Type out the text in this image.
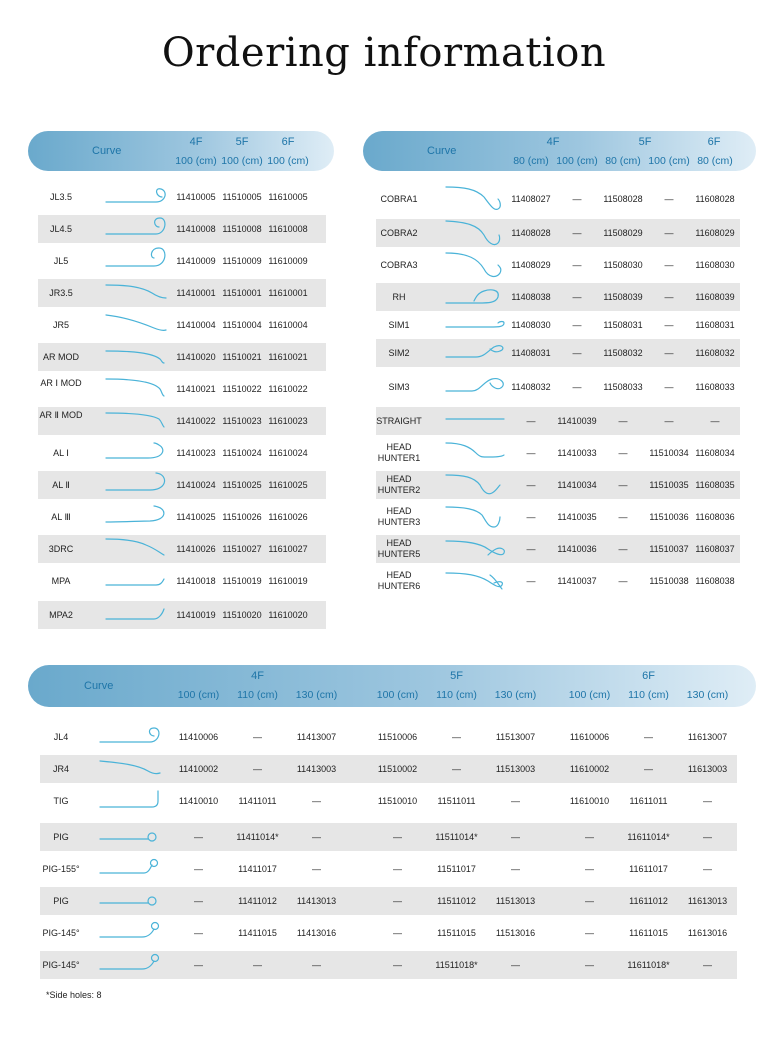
Ordering information
Curve
4F	5F	6F
100 (cm) 100 (cm) 100 (cm)
JL3.5	11410005 11510005 11610005
JL4.5	11410008 11510008 11610008
JL5	11410009 11510009 11610009
JR3.5	11410001 11510001 11610001
JR5	11410004 11510004 11610004
AR MOD	11410020 11510021 11610021
AR Ⅰ MOD
11410021 11510022 11610022
AR Ⅱ MOD
11410022 11510023 11610023
AL Ⅰ	11410023 11510024 11610024
AL Ⅱ	11410024 11510025 11610025
AL Ⅲ	11410025 11510026 11610026
3DRC	11410026 11510027 11610027
MPA	11410018 11510019 11610019
MPA2	11410019 11510020 11610020
Curve
4F	5F	6F
80 (cm) 100 (cm) 80 (cm) 100 (cm) 80 (cm)
COBRA1	11408027	—	11508028	—	11608028
COBRA2	11408028	—	11508029	—	11608029
COBRA3	11408029	—	11508030	—	11608030
RH	11408038	—	11508039	—	11608039
SIM1	11408030	—	11508031	—	11608031
SIM2	11408031	—	11508032	—	11608032
SIM3	11408032	—	11508033	—	11608033
STRAIGHT	—	11410039	—	—	—
HEAD HUNTER1	—	11410033	—	11510034 11608034
HEAD HUNTER2	—	11410034	—	11510035 11608035
HEAD HUNTER3	—	11410035	—	11510036 11608036
HEAD HUNTER5	—	11410036	—	11510037 11608037
HEAD HUNTER6	—	11410037	—	11510038 11608038
Curve
4F	5F	6F
100 (cm)	110 (cm)	130 (cm)	100 (cm)	110 (cm)	130 (cm)	100 (cm)	110 (cm)	130 (cm)
JL4	11410006	—	11413007	11510006	—	11513007	11610006	—	11613007
JR4	11410002	—	11413003	11510002	—	11513003	11610002	—	11613003
TIG	11410010	11411011	—	11510010	11511011	—	11610010	11611011	—
PIG	—	11411014*	—	—	11511014*	—	—	11611014*	—
PIG-155°	—	11411017	—	—	11511017	—	—	11611017	—
PIG	—	11411012	11413013	—	11511012	11513013	—	11611012	11613013
PIG-145°	—	11411015	11413016	—	11511015	11513016	—	11611015	11613016
PIG-145°	—	—	—	—	11511018*	—	—	11611018*	—
*Side holes: 8
